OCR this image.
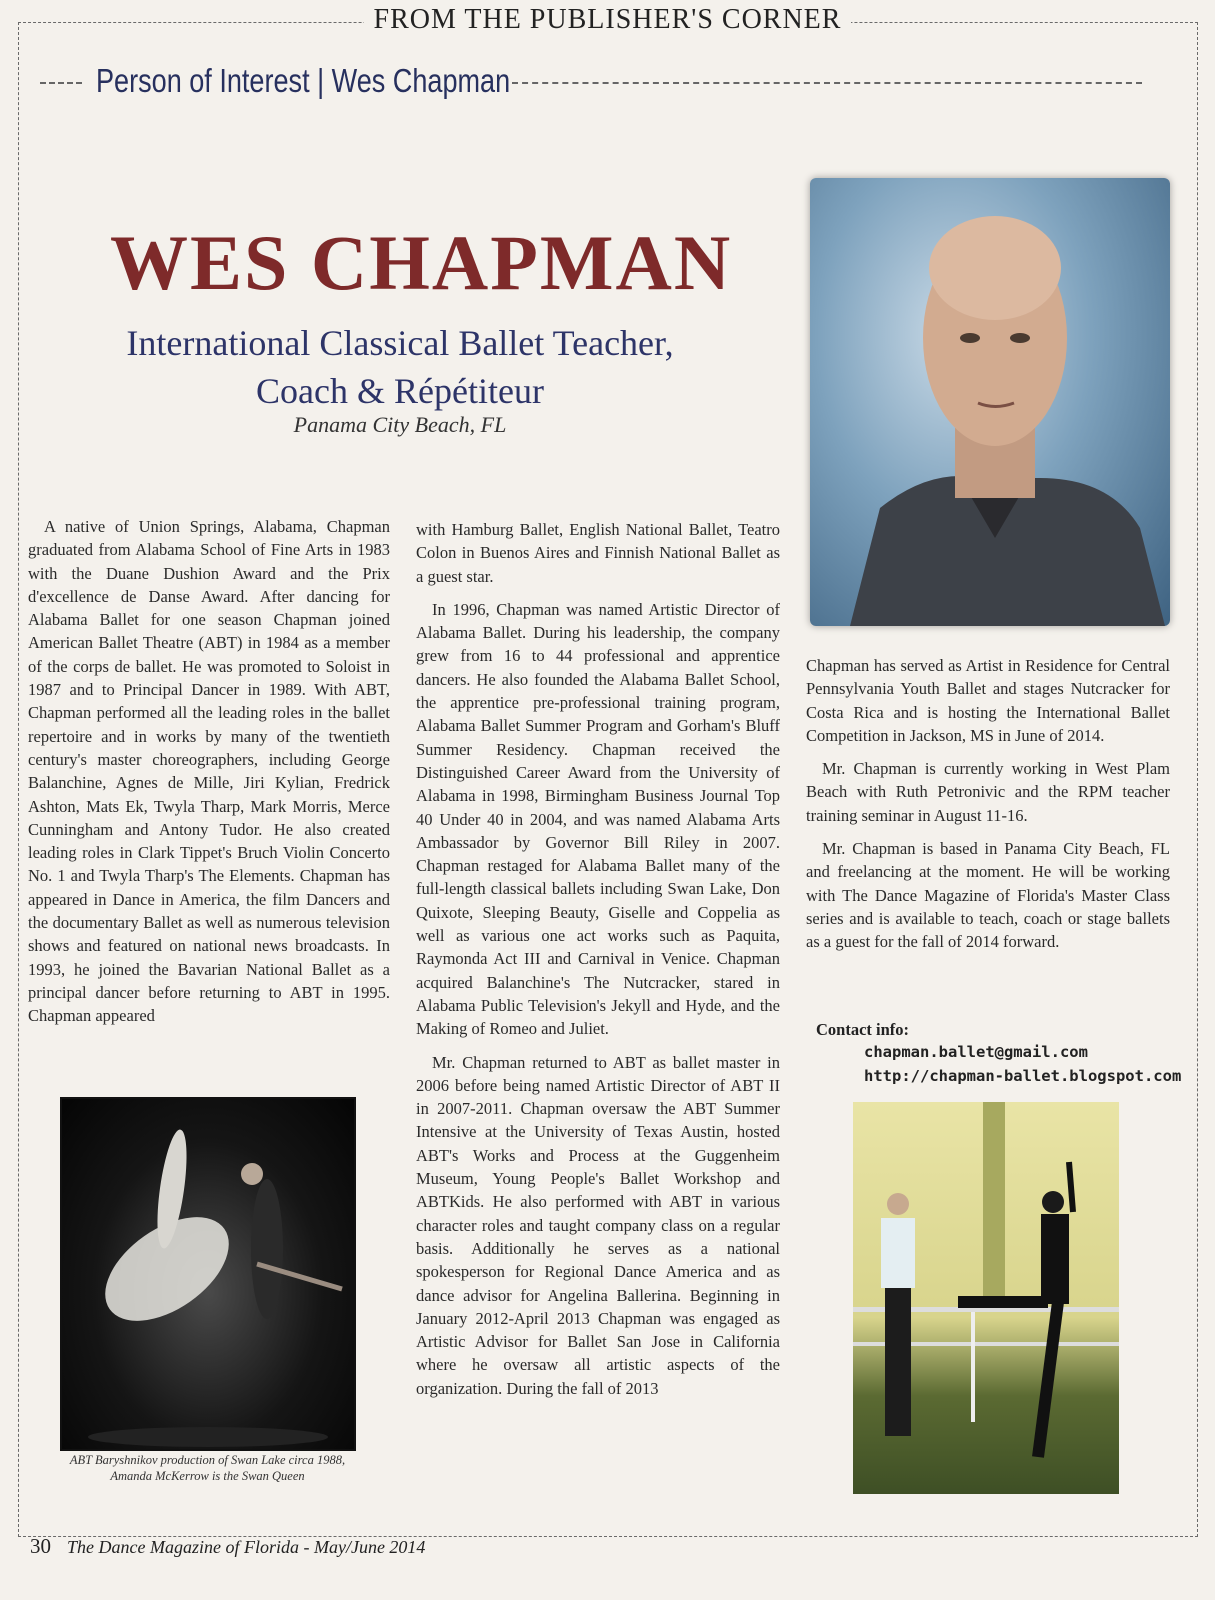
FROM THE PUBLISHER'S CORNER
Person of Interest | Wes Chapman
WES CHAPMAN
International Classical Ballet Teacher,
Coach & Répétiteur
Panama City Beach, FL

A native of Union Springs, Alabama, Chapman graduated from Alabama School of Fine Arts in 1983 with the Duane Dushion Award and the Prix d'excellence de Danse Award. After dancing for Alabama Ballet for one season Chapman joined American Ballet Theatre (ABT) in 1984 as a member of the corps de ballet. He was promoted to Soloist in 1987 and to Principal Dancer in 1989. With ABT, Chapman performed all the leading roles in the ballet repertoire and in works by many of the twentieth century's master choreographers, including George Balanchine, Agnes de Mille, Jiri Kylian, Fredrick Ashton, Mats Ek, Twyla Tharp, Mark Morris, Merce Cunningham and Antony Tudor. He also created leading roles in Clark Tippet's Bruch Violin Concerto No. 1 and Twyla Tharp's The Elements. Chapman has appeared in Dance in America, the film Dancers and the documentary Ballet as well as numerous television shows and featured on national news broadcasts. In 1993, he joined the Bavarian National Ballet as a principal dancer before returning to ABT in 1995. Chapman appeared

with Hamburg Ballet, English National Ballet, Teatro Colon in Buenos Aires and Finnish National Ballet as a guest star.

In 1996, Chapman was named Artistic Director of Alabama Ballet. During his leadership, the company grew from 16 to 44 professional and apprentice dancers. He also founded the Alabama Ballet School, the apprentice pre-professional training program, Alabama Ballet Summer Program and Gorham's Bluff Summer Residency. Chapman received the Distinguished Career Award from the University of Alabama in 1998, Birmingham Business Journal Top 40 Under 40 in 2004, and was named Alabama Arts Ambassador by Governor Bill Riley in 2007. Chapman restaged for Alabama Ballet many of the full-length classical ballets including Swan Lake, Don Quixote, Sleeping Beauty, Giselle and Coppelia as well as various one act works such as Paquita, Raymonda Act III and Carnival in Venice. Chapman acquired Balanchine's The Nutcracker, stared in Alabama Public Television's Jekyll and Hyde, and the Making of Romeo and Juliet.

Mr. Chapman returned to ABT as ballet master in 2006 before being named Artistic Director of ABT II in 2007-2011. Chapman oversaw the ABT Summer Intensive at the University of Texas Austin, hosted ABT's Works and Process at the Guggenheim Museum, Young People's Ballet Workshop and ABTKids. He also performed with ABT in various character roles and taught company class on a regular basis. Additionally he serves as a national spokesperson for Regional Dance America and as dance advisor for Angelina Ballerina. Beginning in January 2012-April 2013 Chapman was engaged as Artistic Advisor for Ballet San Jose in California where he oversaw all artistic aspects of the organization. During the fall of 2013

Chapman has served as Artist in Residence for Central Pennsylvania Youth Ballet and stages Nutcracker for Costa Rica and is hosting the International Ballet Competition in Jackson, MS in June of 2014.

Mr. Chapman is currently working in West Plam Beach with Ruth Petronivic and the RPM teacher training seminar in August 11-16.

Mr. Chapman is based in Panama City Beach, FL and freelancing at the moment. He will be working with The Dance Magazine of Florida's Master Class series and is available to teach, coach or stage ballets as a guest for the fall of 2014 forward.

Contact info:
chapman.ballet@gmail.com
http://chapman-ballet.blogspot.com
ABT Baryshnikov production of Swan Lake circa 1988,
Amanda McKerrow is the Swan Queen
30 The Dance Magazine of Florida - May/June 2014
